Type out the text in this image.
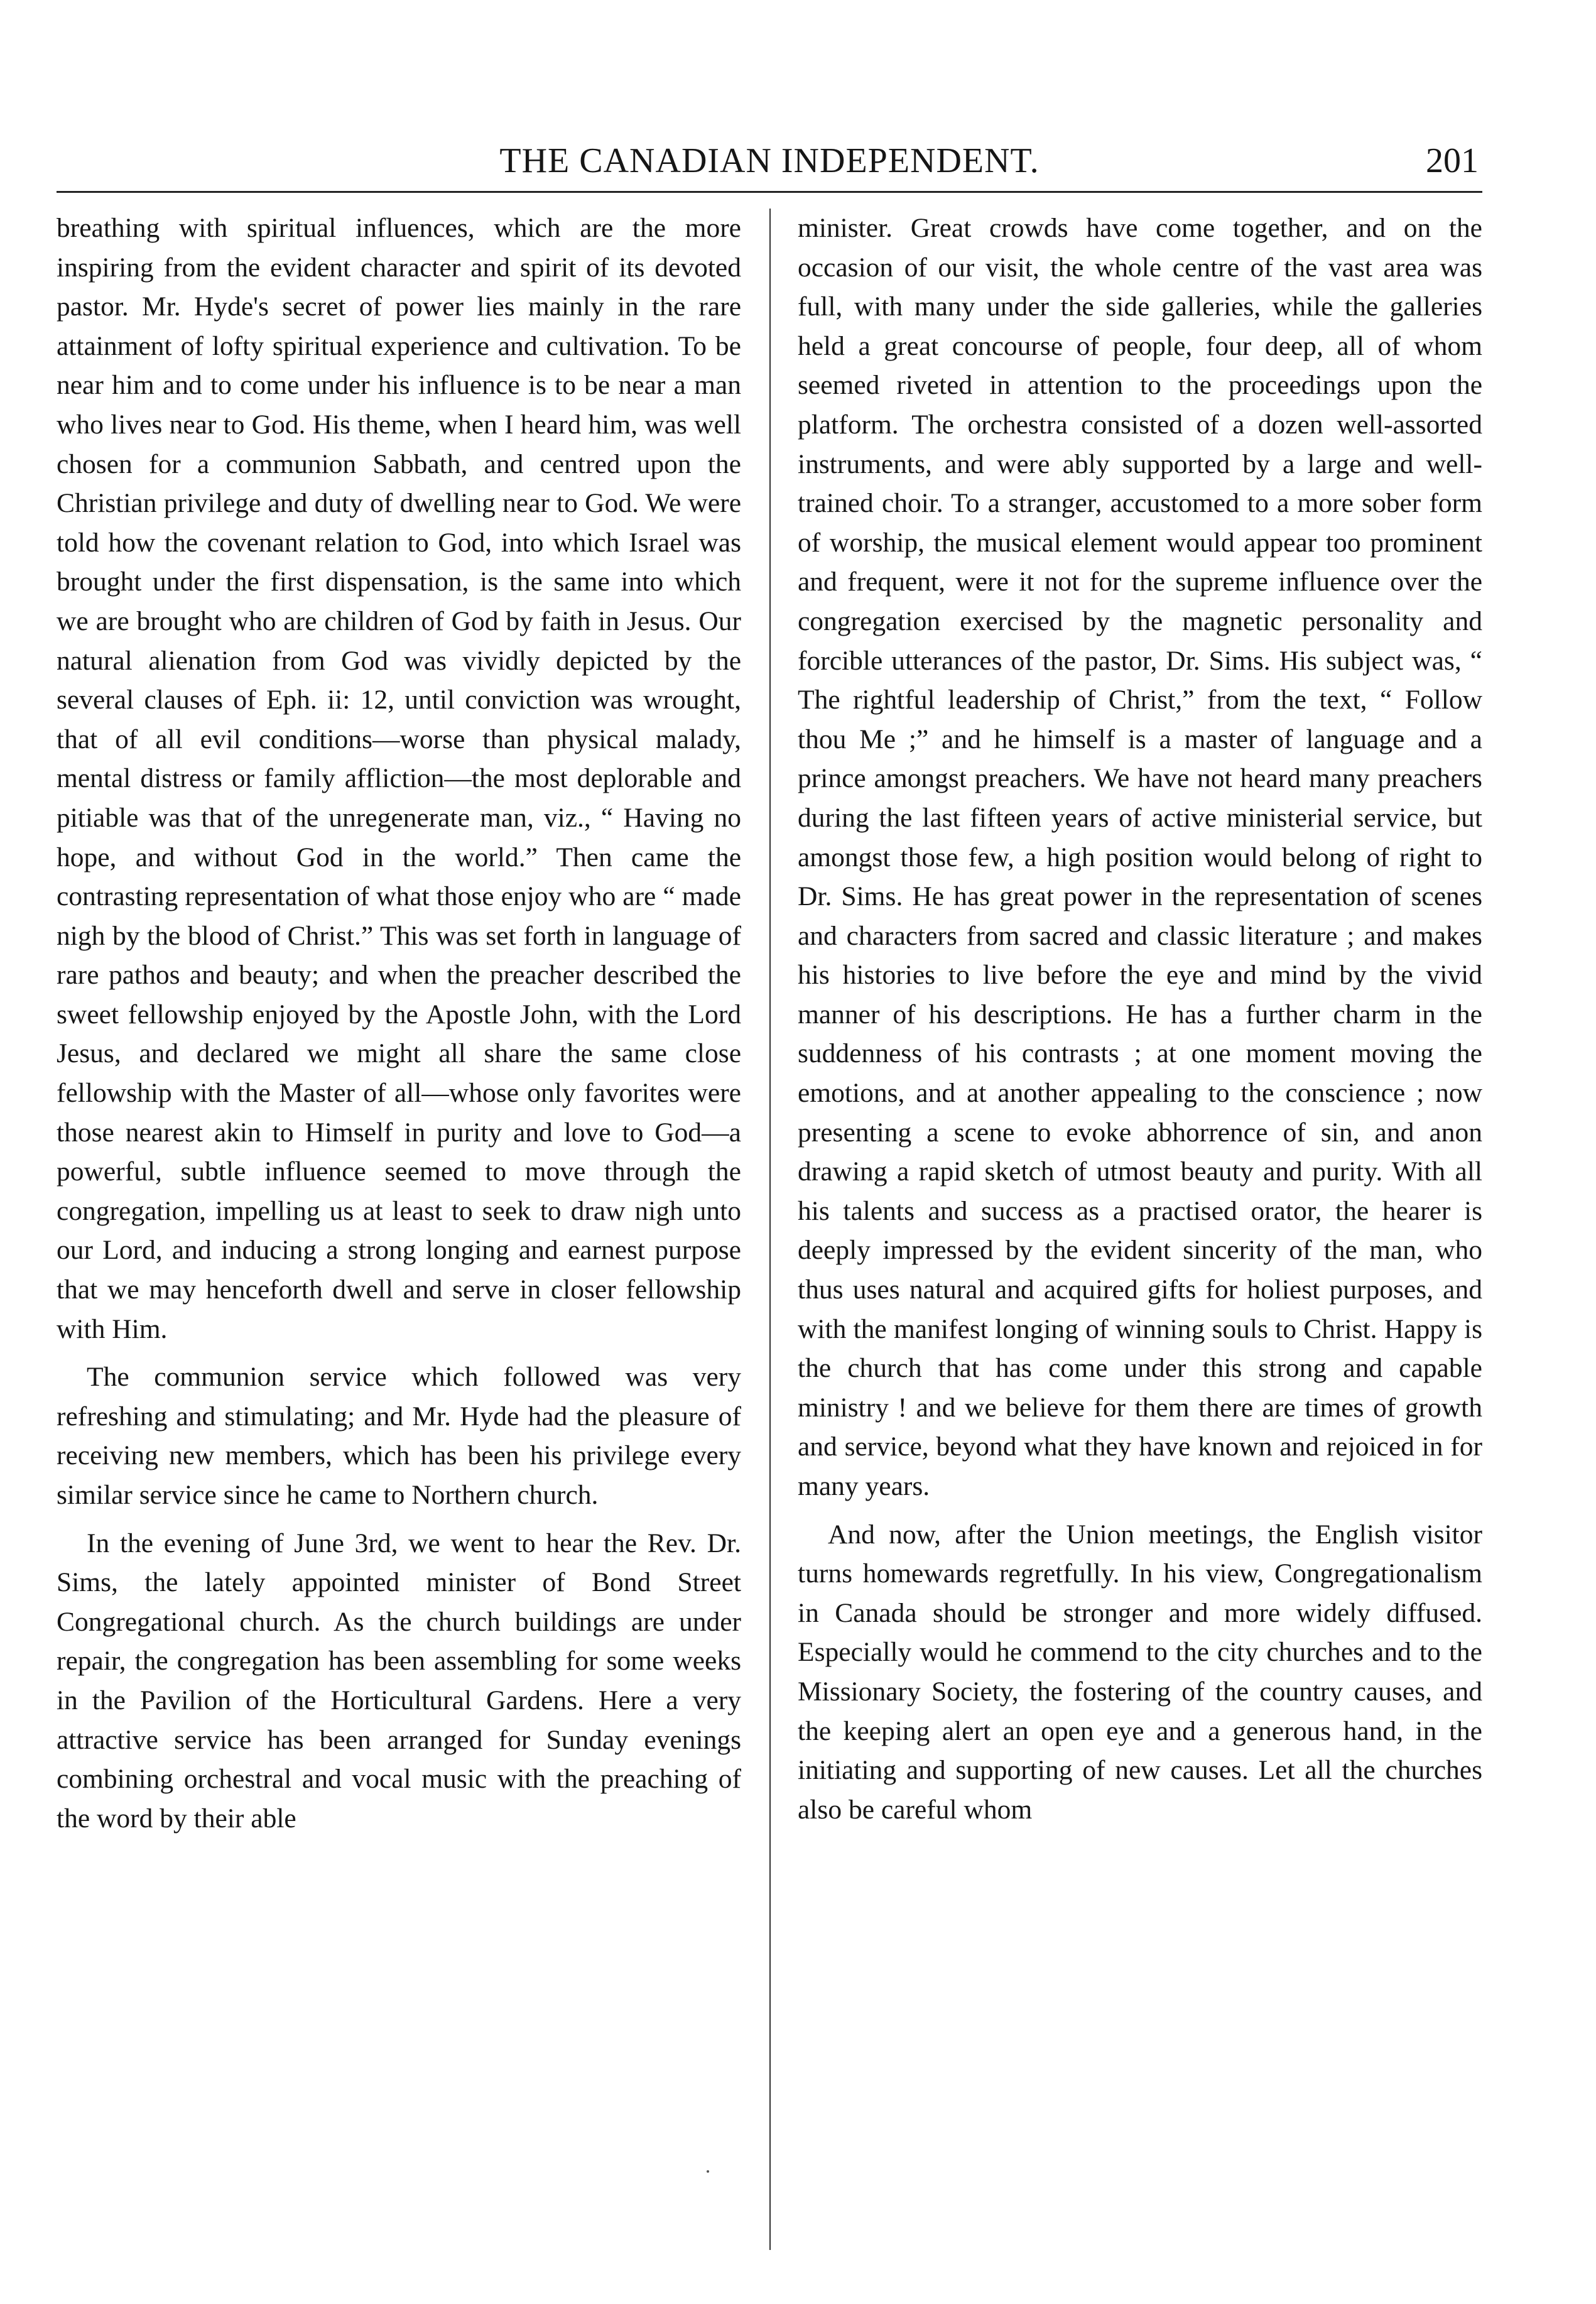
THE CANADIAN INDEPENDENT.	201

breathing with spiritual influences, which are the more inspiring from the evident character and spirit of its devoted pastor. Mr. Hyde's secret of power lies mainly in the rare attainment of lofty spiritual experience and cultivation. To be near him and to come under his influence is to be near a man who lives near to God. His theme, when I heard him, was well chosen for a communion Sabbath, and centred upon the Christian privilege and duty of dwelling near to God. We were told how the covenant relation to God, into which Israel was brought under the first dispensation, is the same into which we are brought who are children of God by faith in Jesus. Our natural alienation from God was vividly depicted by the several clauses of Eph. ii: 12, until conviction was wrought, that of all evil conditions—worse than physical malady, mental distress or family affliction—the most deplorable and pitiable was that of the unregenerate man, viz., “ Having no hope, and without God in the world.” Then came the contrasting representation of what those enjoy who are “ made nigh by the blood of Christ.” This was set forth in language of rare pathos and beauty; and when the preacher described the sweet fellowship enjoyed by the Apostle John, with the Lord Jesus, and declared we might all share the same close fellowship with the Master of all—whose only favorites were those nearest akin to Himself in purity and love to God—a powerful, subtle influence seemed to move through the congregation, impelling us at least to seek to draw nigh unto our Lord, and inducing a strong longing and earnest purpose that we may henceforth dwell and serve in closer fellowship with Him.

The communion service which followed was very refreshing and stimulating; and Mr. Hyde had the pleasure of receiving new members, which has been his privilege every similar service since he came to Northern church.

In the evening of June 3rd, we went to hear the Rev. Dr. Sims, the lately appointed minister of Bond Street Congregational church. As the church buildings are under repair, the congregation has been assembling for some weeks in the Pavilion of the Horticultural Gardens. Here a very attractive service has been arranged for Sunday evenings combining orchestral and vocal music with the preaching of the word by their able

minister. Great crowds have come together, and on the occasion of our visit, the whole centre of the vast area was full, with many under the side galleries, while the galleries held a great concourse of people, four deep, all of whom seemed riveted in attention to the proceedings upon the platform. The orchestra consisted of a dozen well-assorted instruments, and were ably supported by a large and well-trained choir. To a stranger, accustomed to a more sober form of worship, the musical element would appear too prominent and frequent, were it not for the supreme influence over the congregation exercised by the magnetic personality and forcible utterances of the pastor, Dr. Sims. His subject was, “ The rightful leadership of Christ,” from the text, “ Follow thou Me ;” and he himself is a master of language and a prince amongst preachers. We have not heard many preachers during the last fifteen years of active ministerial service, but amongst those few, a high position would belong of right to Dr. Sims. He has great power in the representation of scenes and characters from sacred and classic literature ; and makes his histories to live before the eye and mind by the vivid manner of his descriptions. He has a further charm in the suddenness of his contrasts ; at one moment moving the emotions, and at another appealing to the conscience ; now presenting a scene to evoke abhorrence of sin, and anon drawing a rapid sketch of utmost beauty and purity. With all his talents and success as a practised orator, the hearer is deeply impressed by the evident sincerity of the man, who thus uses natural and acquired gifts for holiest purposes, and with the manifest longing of winning souls to Christ. Happy is the church that has come under this strong and capable ministry ! and we believe for them there are times of growth and service, beyond what they have known and rejoiced in for many years.

And now, after the Union meetings, the English visitor turns homewards regretfully. In his view, Congregationalism in Canada should be stronger and more widely diffused. Especially would he commend to the city churches and to the Missionary Society, the fostering of the country causes, and the keeping alert an open eye and a generous hand, in the initiating and supporting of new causes. Let all the churches also be careful whom
